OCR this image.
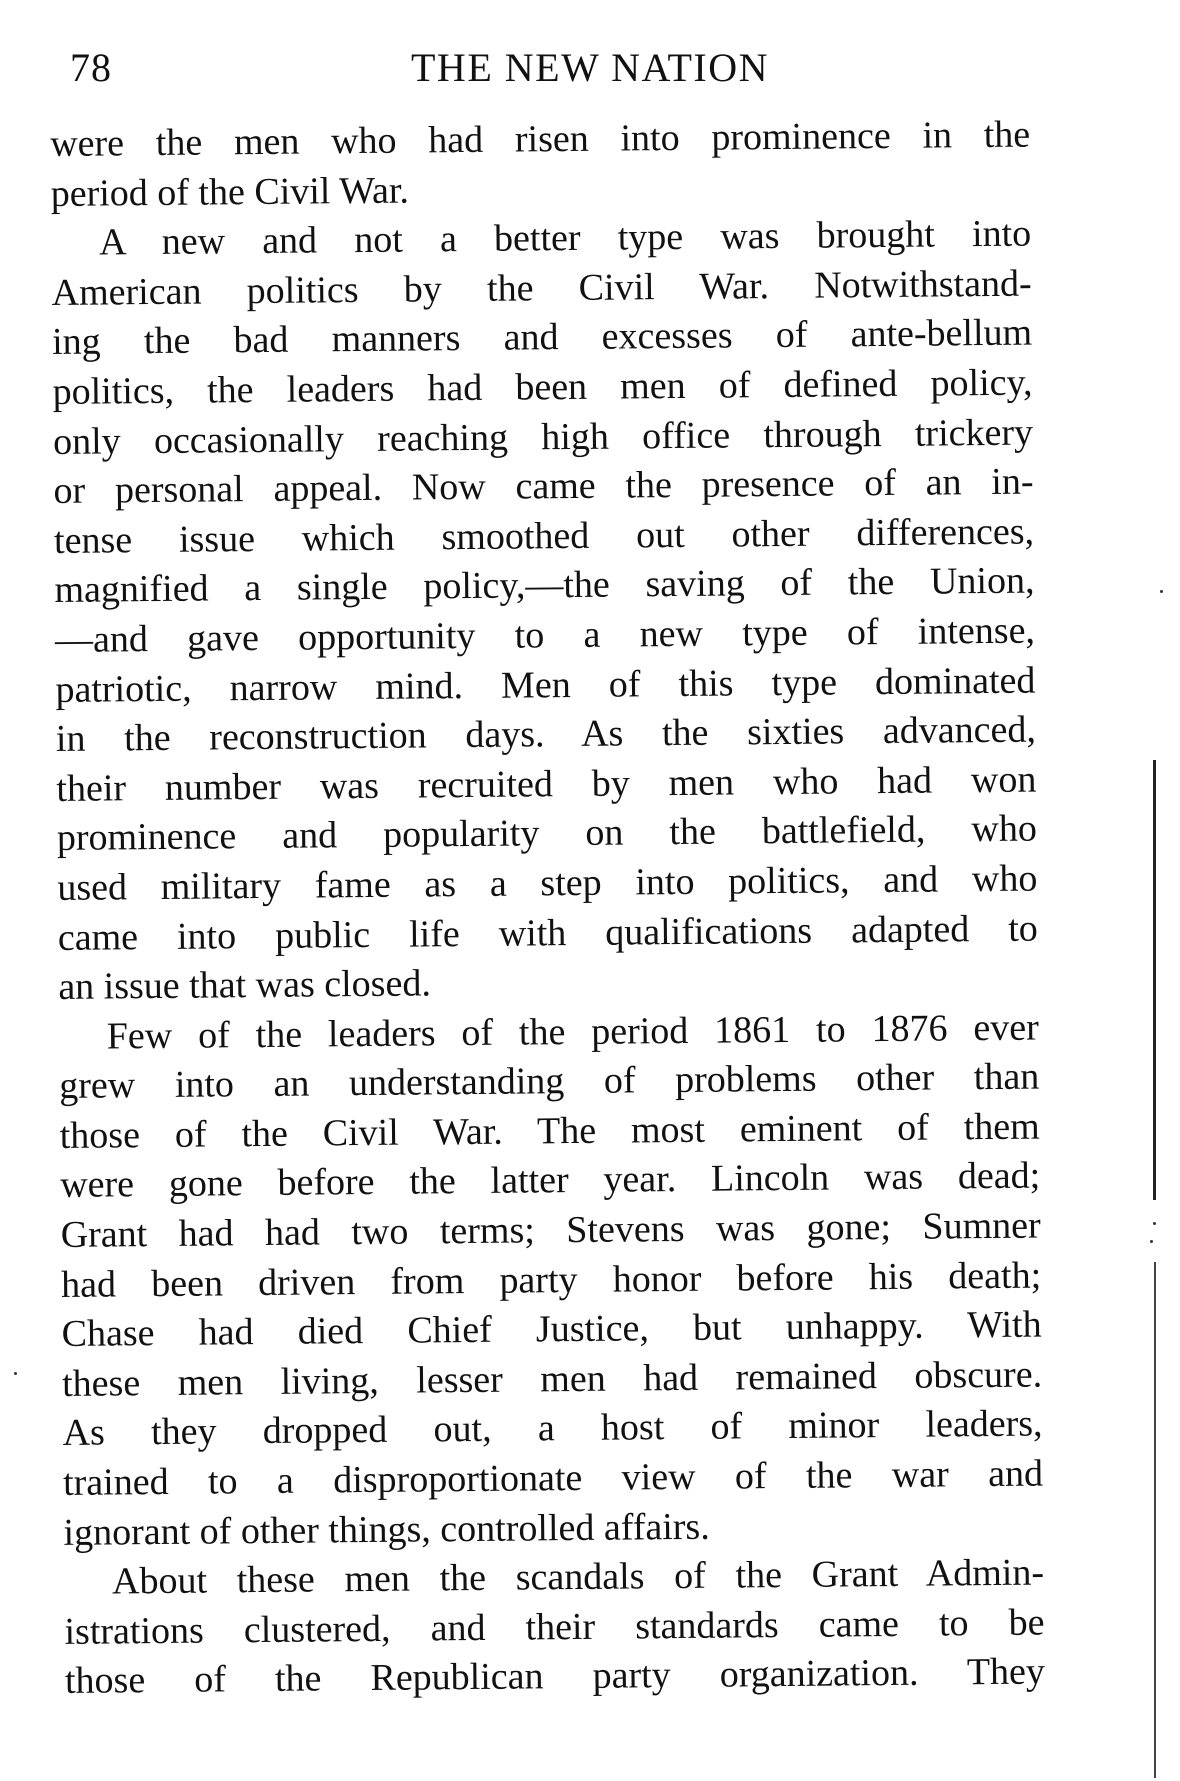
78	THE NEW NATION
were the men who had risen into prominence in the
period of the Civil War.
A new and not a better type was brought into
American politics by the Civil War. Notwithstand-
ing the bad manners and excesses of ante-bellum
politics, the leaders had been men of defined policy,
only occasionally reaching high office through trickery
or personal appeal. Now came the presence of an in-
tense issue which smoothed out other differences,
magnified a single policy,—the saving of the Union,
—and gave opportunity to a new type of intense,
patriotic, narrow mind. Men of this type dominated
in the reconstruction days. As the sixties advanced,
their number was recruited by men who had won
prominence and popularity on the battlefield, who
used military fame as a step into politics, and who
came into public life with qualifications adapted to
an issue that was closed.
Few of the leaders of the period 1861 to 1876 ever
grew into an understanding of problems other than
those of the Civil War. The most eminent of them
were gone before the latter year. Lincoln was dead;
Grant had had two terms; Stevens was gone; Sumner
had been driven from party honor before his death;
Chase had died Chief Justice, but unhappy. With
these men living, lesser men had remained obscure.
As they dropped out, a host of minor leaders,
trained to a disproportionate view of the war and
ignorant of other things, controlled affairs.
About these men the scandals of the Grant Admin-
istrations clustered, and their standards came to be
those of the Republican party organization. They
